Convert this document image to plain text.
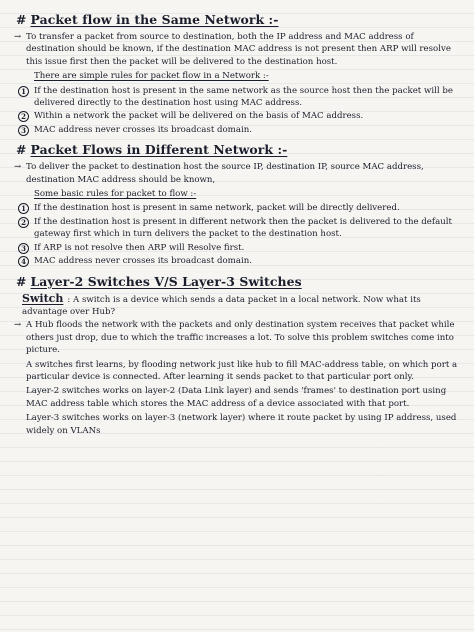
# Packet flow in the Same Network :-
→ To transfer a packet from source to destination, both the IP address and MAC address of destination should be known, if the destination MAC address is not present then ARP will resolve this issue first then the packet will be delivered to the destination host.
There are simple rules for packet flow in a Network :-
1 If the destination host is present in the same network as the source host then the packet will be delivered directly to the destination host using MAC address.
2 Within a network the packet will be delivered on the basis of MAC address.
3 MAC address never crosses its broadcast domain.
# Packet Flows in Different Network :-
→ To deliver the packet to destination host the source IP, destination IP, source MAC address, destination MAC address should be known,
Some basic rules for packet to flow :-
1 If the destination host is present in same network, packet will be directly delivered.
2 If the destination host is present in different network then the packet is delivered to the default gateway first which in turn delivers the packet to the destination host.
3 If ARP is not resolve then ARP will Resolve first.
4 MAC address never crosses its broadcast domain.
# Layer-2 Switches V/S Layer-3 Switches
Switch : A switch is a device which sends a data packet in a local network. Now what its advantage over Hub?
→ A Hub floods the network with the packets and only destination system receives that packet while others just drop, due to which the traffic increases a lot. To solve this problem switches come into picture.
A switches first learns, by flooding network just like hub to fill MAC-address table, on which port a particular device is connected. After learning it sends packet to that particular port only.
Layer-2 switches works on layer-2 (Data Link layer) and sends 'frames' to destination port using MAC address table which stores the MAC address of a device associated with that port.
Layer-3 switches works on layer-3 (network layer) where it route packet by using IP address, used widely on VLANs
